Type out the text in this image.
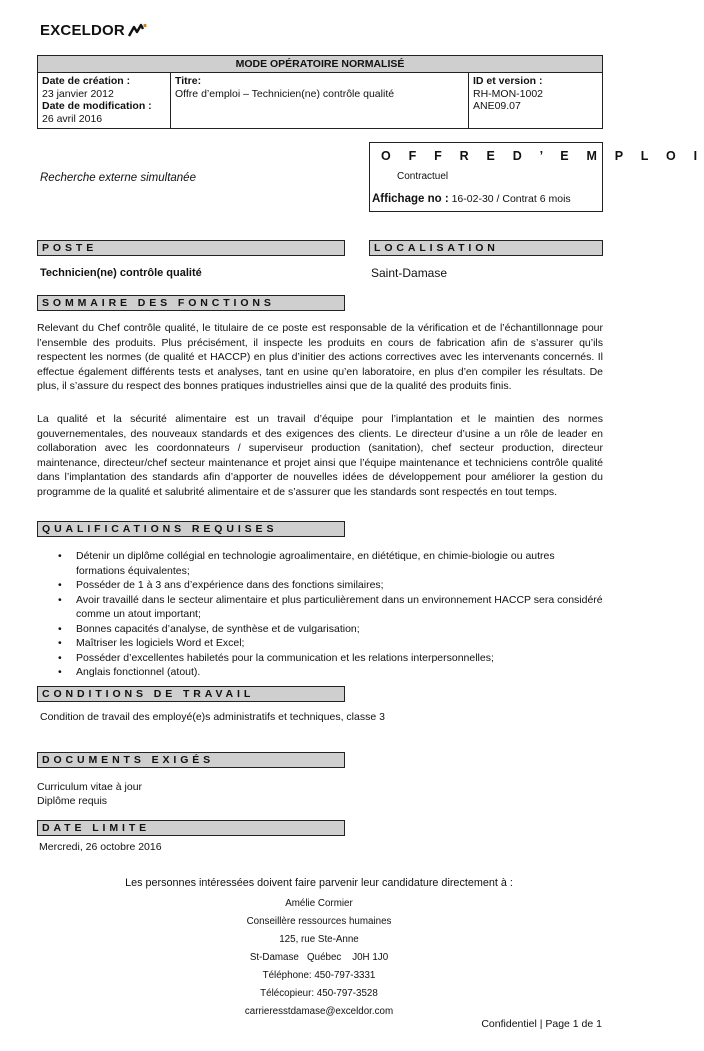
EXCELDOR
MODE OPÉRATOIRE NORMALISÉ
Date de création :
23 janvier 2012
Date de modification :
26 avril 2016
Titre:
Offre d’emploi – Technicien(ne) contrôle qualité
ID et version :
RH-MON-1002
ANE09.07
Recherche externe simultanée
O F F R E D ’ E M P L O I
Contractuel
Affichage no : 16-02-30 / Contrat 6 mois
POSTE	LOCALISATION
Technicien(ne) contrôle qualité	Saint-Damase
SOMMAIRE DES FONCTIONS
Relevant du Chef contrôle qualité, le titulaire de ce poste est responsable de la vérification et de l’échantillonnage pour l’ensemble des produits. Plus précisément, il inspecte les produits en cours de fabrication afin de s’assurer qu’ils respectent les normes (de qualité et HACCP) en plus d’initier des actions correctives avec les intervenants concernés. Il effectue également différents tests et analyses, tant en usine qu’en laboratoire, en plus d’en compiler les résultats. De plus, il s’assure du respect des bonnes pratiques industrielles ainsi que de la qualité des produits finis.
La qualité et la sécurité alimentaire est un travail d’équipe pour l’implantation et le maintien des normes gouvernementales, des nouveaux standards et des exigences des clients. Le directeur d’usine a un rôle de leader en collaboration avec les coordonnateurs / superviseur production (sanitation), chef secteur production, directeur maintenance, directeur/chef secteur maintenance et projet ainsi que l’équipe maintenance et techniciens contrôle qualité dans l’implantation des standards afin d’apporter de nouvelles idées de développement pour améliorer la gestion du programme de la qualité et salubrité alimentaire et de s’assurer que les standards sont respectés en tout temps.
QUALIFICATIONS REQUISES
• Détenir un diplôme collégial en technologie agroalimentaire, en diététique, en chimie-biologie ou autres formations équivalentes;
• Posséder de 1 à 3 ans d’expérience dans des fonctions similaires;
• Avoir travaillé dans le secteur alimentaire et plus particulièrement dans un environnement HACCP sera considéré comme un atout important;
• Bonnes capacités d’analyse, de synthèse et de vulgarisation;
• Maîtriser les logiciels Word et Excel;
• Posséder d’excellentes habiletés pour la communication et les relations interpersonnelles;
• Anglais fonctionnel (atout).
CONDITIONS DE TRAVAIL
Condition de travail des employé(e)s administratifs et techniques, classe 3
DOCUMENTS EXIGÉS
Curriculum vitae à jour
Diplôme requis
DATE LIMITE
Mercredi, 26 octobre 2016
Les personnes intéressées doivent faire parvenir leur candidature directement à :
Amélie Cormier
Conseillère ressources humaines
125, rue Ste-Anne
St-Damase   Québec    J0H 1J0
Téléphone: 450-797-3331
Télécopieur: 450-797-3528
carrieresstdamase@exceldor.com
Confidentiel | Page 1 de 1
